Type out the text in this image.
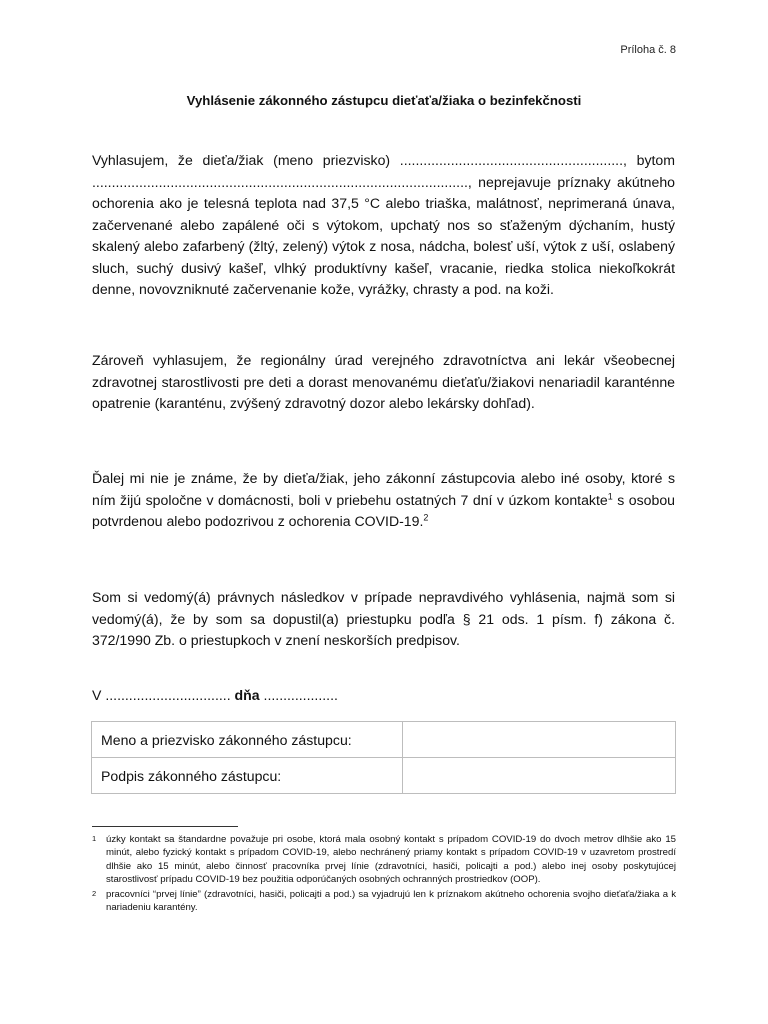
Príloha č. 8
Vyhlásenie zákonného zástupcu dieťaťa/žiaka o bezinfekčnosti

Vyhlasujem, že dieťa/žiak (meno priezvisko) ........................................................., bytom ................................................................................................, neprejavuje príznaky akútneho ochorenia ako je telesná teplota nad 37,5 °C alebo triaška, malátnosť, neprimeraná únava, začervenané alebo zapálené oči s výtokom, upchatý nos so sťaženým dýchaním, hustý skalený alebo zafarbený (žltý, zelený) výtok z nosa, nádcha, bolesť uší, výtok z uší, oslabený sluch, suchý dusivý kašeľ, vlhký produktívny kašeľ, vracanie, riedka stolica niekoľkokrát denne, novovzniknuté začervenanie kože, vyrážky, chrasty a pod. na koži.

Zároveň vyhlasujem, že regionálny úrad verejného zdravotníctva ani lekár všeobecnej zdravotnej starostlivosti pre deti a dorast menovanému dieťaťu/žiakovi nenariadil karanténne opatrenie (karanténu, zvýšený zdravotný dozor alebo lekársky dohľad).

Ďalej mi nie je známe, že by dieťa/žiak, jeho zákonní zástupcovia alebo iné osoby, ktoré s ním žijú spoločne v domácnosti, boli v priebehu ostatných 7 dní v úzkom kontakte$^1$ s osobou potvrdenou alebo podozrivou z ochorenia COVID-19.$^2$

Som si vedomý(á) právnych následkov v prípade nepravdivého vyhlásenia, najmä som si vedomý(á), že by som sa dopustil(a) priestupku podľa § 21 ods. 1 písm. f) zákona č. 372/1990 Zb. o priestupkoch v znení neskorších predpisov.

V ................................ dňa ...................
Meno a priezvisko zákonného zástupcu:	
Podpis zákonného zástupcu:	
1	úzky kontakt sa štandardne považuje pri osobe, ktorá mala osobný kontakt s prípadom COVID-19 do dvoch metrov dlhšie ako 15 minút, alebo fyzický kontakt s prípadom COVID-19, alebo nechránený priamy kontakt s prípadom COVID-19 v uzavretom prostredí dlhšie ako 15 minút, alebo činnosť pracovníka prvej línie (zdravotníci, hasiči, policajti a pod.) alebo inej osoby poskytujúcej starostlivosť prípadu COVID-19 bez použitia odporúčaných osobných ochranných prostriedkov (OOP).
2	pracovníci “prvej línie” (zdravotníci, hasiči, policajti a pod.) sa vyjadrujú len k príznakom akútneho ochorenia svojho dieťaťa/žiaka a k nariadeniu karantény.
